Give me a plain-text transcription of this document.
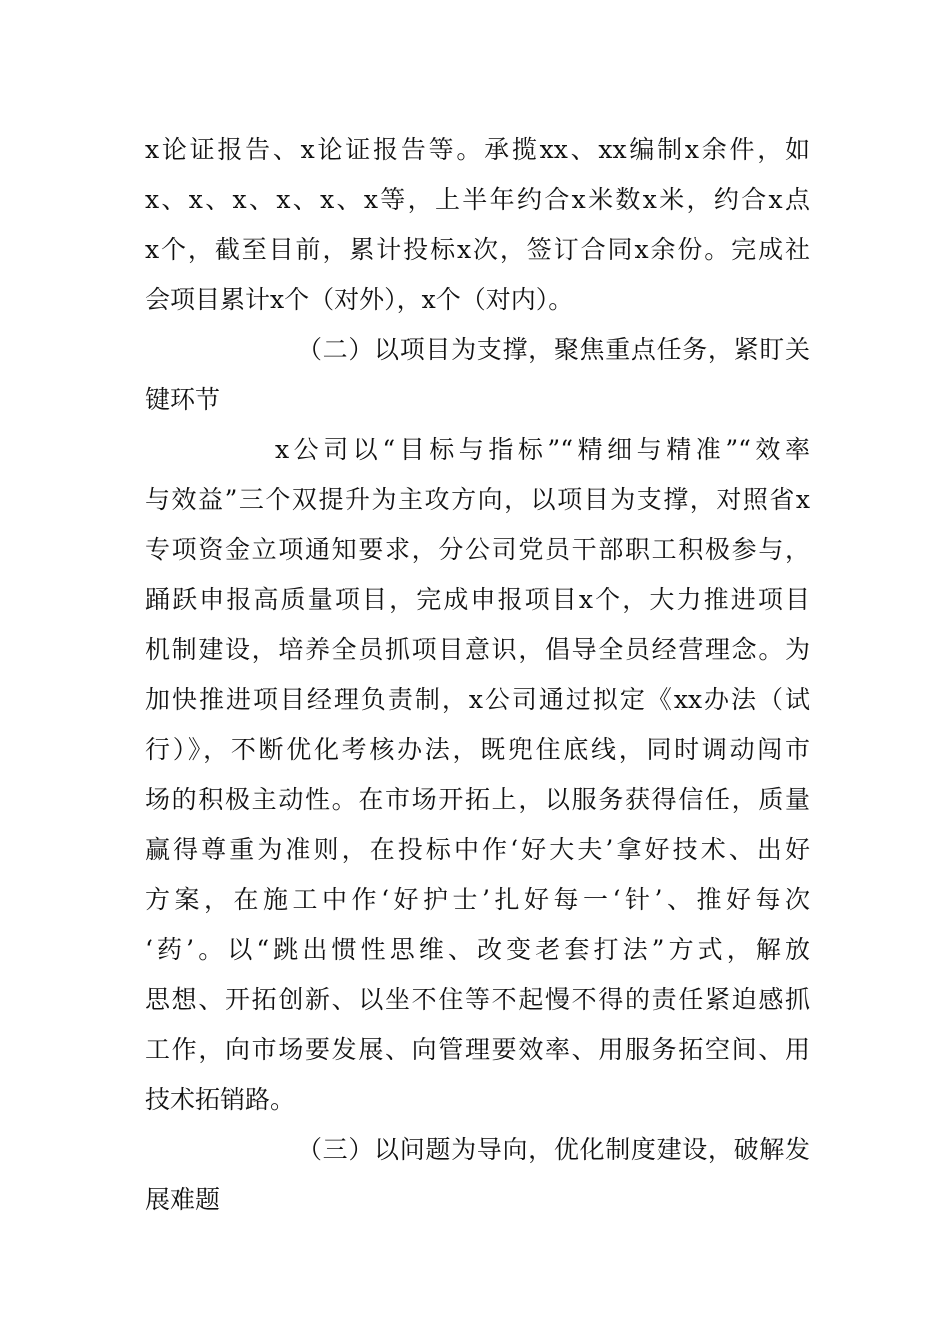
x论证报告、x论证报告等。承揽xx、xx编制x余件，如
x、x、x、x、x、x等，上半年约合x米数x米，约合x点
x个，截至目前，累计投标x次，签订合同x余份。完成社
会项目累计x个（对外），x个（对内）。
（二）以项目为支撑，聚焦重点任务，紧盯关
键环节
x公司以“目标与指标”“精细与精准”“效率
与效益”三个双提升为主攻方向，以项目为支撑，对照省x
专项资金立项通知要求，分公司党员干部职工积极参与，
踊跃申报高质量项目，完成申报项目x个，大力推进项目
机制建设，培养全员抓项目意识，倡导全员经营理念。为
加快推进项目经理负责制，x公司通过拟定《xx办法（试
行）》，不断优化考核办法，既兜住底线，同时调动闯市
场的积极主动性。在市场开拓上，以服务获得信任，质量
赢得尊重为准则，在投标中作‘好大夫’拿好技术、出好
方案，在施工中作‘好护士’扎好每一‘针’、推好每次
‘药’。以“跳出惯性思维、改变老套打法”方式，解放
思想、开拓创新、以坐不住等不起慢不得的责任紧迫感抓
工作，向市场要发展、向管理要效率、用服务拓空间、用
技术拓销路。
（三）以问题为导向，优化制度建设，破解发
展难题
